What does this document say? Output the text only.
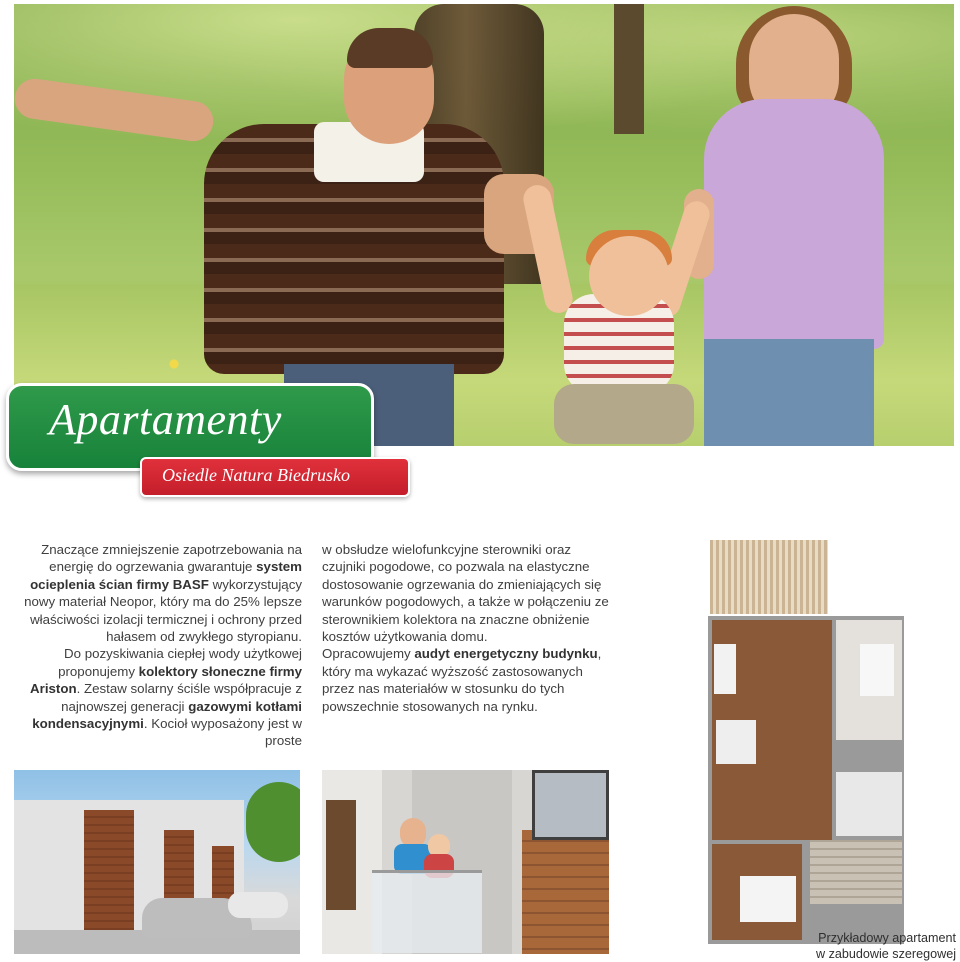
Apartamenty
Osiedle Natura Biedrusko

Znaczące zmniejszenie zapotrzebowania na energię do ogrzewania gwarantuje system ocieplenia ścian firmy BASF wykorzystujący nowy materiał Neopor, który ma do 25% lepsze właściwości izolacji termicznej i ochrony przed hałasem od zwykłego styropianu.

Do pozyskiwania ciepłej wody użytkowej proponujemy kolektory słoneczne firmy Ariston. Zestaw solarny ściśle współpracuje z najnowszej generacji gazowymi kotłami kondensacyjnymi. Kocioł wyposażony jest w proste

w obsłudze wielofunkcyjne sterowniki oraz czujniki pogodowe, co pozwala na elastyczne dostosowanie ogrzewania do zmieniających się warunków pogodowych, a także w połączeniu ze sterownikiem kolektora na znaczne obniżenie kosztów użytkowania domu.

Opracowujemy audyt energetyczny budynku, który ma wykazać wyższość zastosowanych przez nas materiałów w stosunku do tych powszechnie stosowanych na rynku.

Przykładowy apartament
w zabudowie szeregowej
